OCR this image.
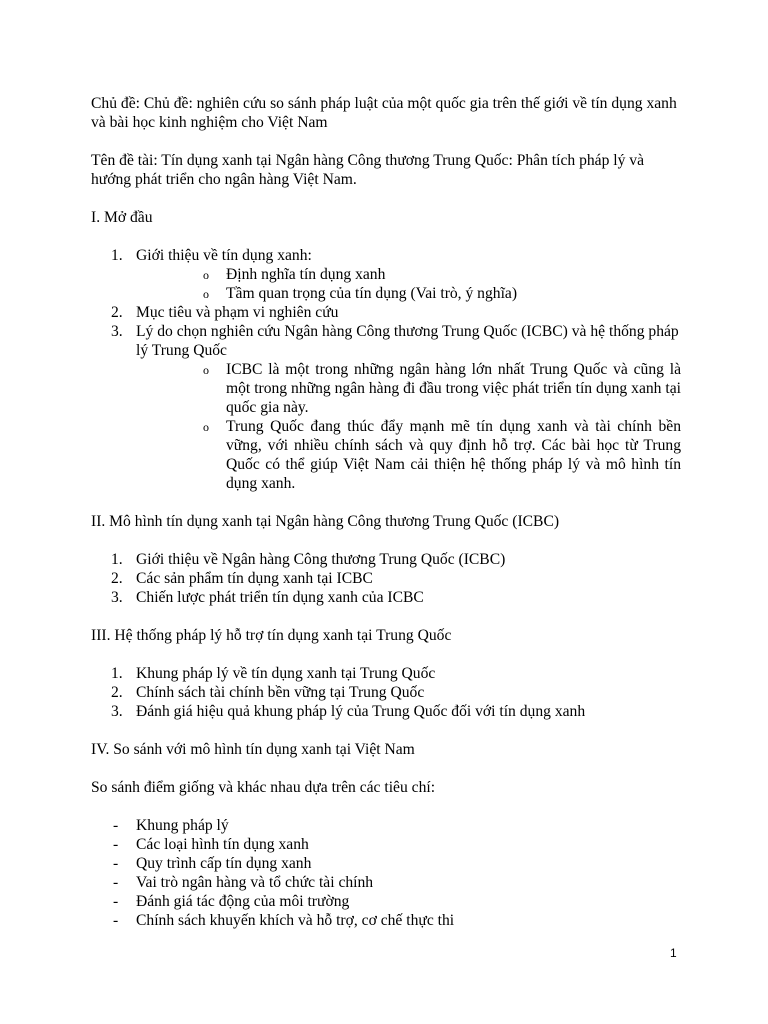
Chủ đề: Chủ đề: nghiên cứu so sánh pháp luật của một quốc gia trên thế giới về tín dụng xanh và bài học kinh nghiệm cho Việt Nam

Tên đề tài: Tín dụng xanh tại Ngân hàng Công thương Trung Quốc: Phân tích pháp lý và hướng phát triển cho ngân hàng Việt Nam.

I. Mở đầu

1. Giới thiệu về tín dụng xanh:
o Định nghĩa tín dụng xanh
o Tầm quan trọng của tín dụng (Vai trò, ý nghĩa)
2. Mục tiêu và phạm vi nghiên cứu
3. Lý do chọn nghiên cứu Ngân hàng Công thương Trung Quốc (ICBC) và hệ thống pháp lý Trung Quốc
o ICBC là một trong những ngân hàng lớn nhất Trung Quốc và cũng là một trong những ngân hàng đi đầu trong việc phát triển tín dụng xanh tại quốc gia này.
o Trung Quốc đang thúc đẩy mạnh mẽ tín dụng xanh và tài chính bền vững, với nhiều chính sách và quy định hỗ trợ. Các bài học từ Trung Quốc có thể giúp Việt Nam cải thiện hệ thống pháp lý và mô hình tín dụng xanh.

II. Mô hình tín dụng xanh tại Ngân hàng Công thương Trung Quốc (ICBC)

1. Giới thiệu về Ngân hàng Công thương Trung Quốc (ICBC)
2. Các sản phẩm tín dụng xanh tại ICBC
3. Chiến lược phát triển tín dụng xanh của ICBC

III. Hệ thống pháp lý hỗ trợ tín dụng xanh tại Trung Quốc

1. Khung pháp lý về tín dụng xanh tại Trung Quốc
2. Chính sách tài chính bền vững tại Trung Quốc
3. Đánh giá hiệu quả khung pháp lý của Trung Quốc đối với tín dụng xanh

IV. So sánh với mô hình tín dụng xanh tại Việt Nam

So sánh điểm giống và khác nhau dựa trên các tiêu chí:

- Khung pháp lý
- Các loại hình tín dụng xanh
- Quy trình cấp tín dụng xanh
- Vai trò ngân hàng và tổ chức tài chính
- Đánh giá tác động của môi trường
- Chính sách khuyến khích và hỗ trợ, cơ chế thực thi
1
